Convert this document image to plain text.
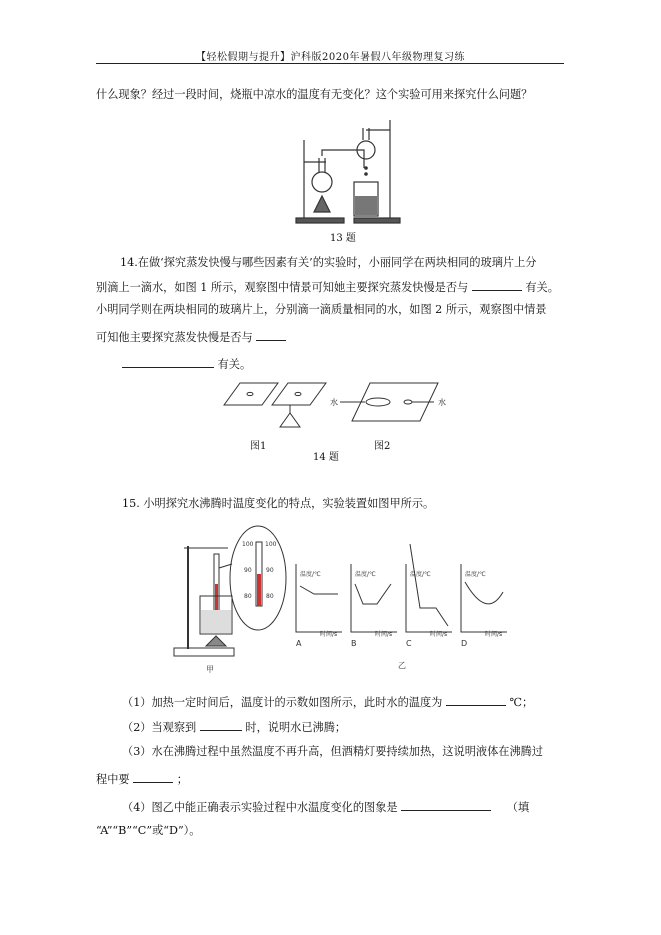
【轻松假期与提升】沪科版2020年暑假八年级物理复习练
什么现象？经过一段时间，烧瓶中凉水的温度有无变化？这个实验可用来探究什么问题？
13 题
14.在做‘探究蒸发快慢与哪些因素有关’的实验时，小丽同学在两块相同的玻璃片上分
别滴上一滴水，如图 1 所示，观察图中情景可知她主要探究蒸发快慢是否与	有关。
小明同学则在两块相同的玻璃片上，分别滴一滴质量相同的水，如图 2 所示，观察图中情景
可知他主要探究蒸发快慢是否与
有关。
水	水
图1	图2
14 题
15. 小明探究水沸腾时温度变化的特点，实验装置如图甲所示。
100
90
80
100
90
80
温度/℃	温度/℃	温度/℃	温度/℃
时间/s	时间/s	时间/s	时间/s
A	B	C	D
甲	乙
（1）加热一定时间后，温度计的示数如图所示，此时水的温度为	℃；
（2）当观察到	时，说明水已沸腾；
（3）水在沸腾过程中虽然温度不再升高，但酒精灯要持续加热，这说明液体在沸腾过
程中要	；
（4）图乙中能正确表示实验过程中水温度变化的图象是	（填
“A”“B”“C”或“D”）。
